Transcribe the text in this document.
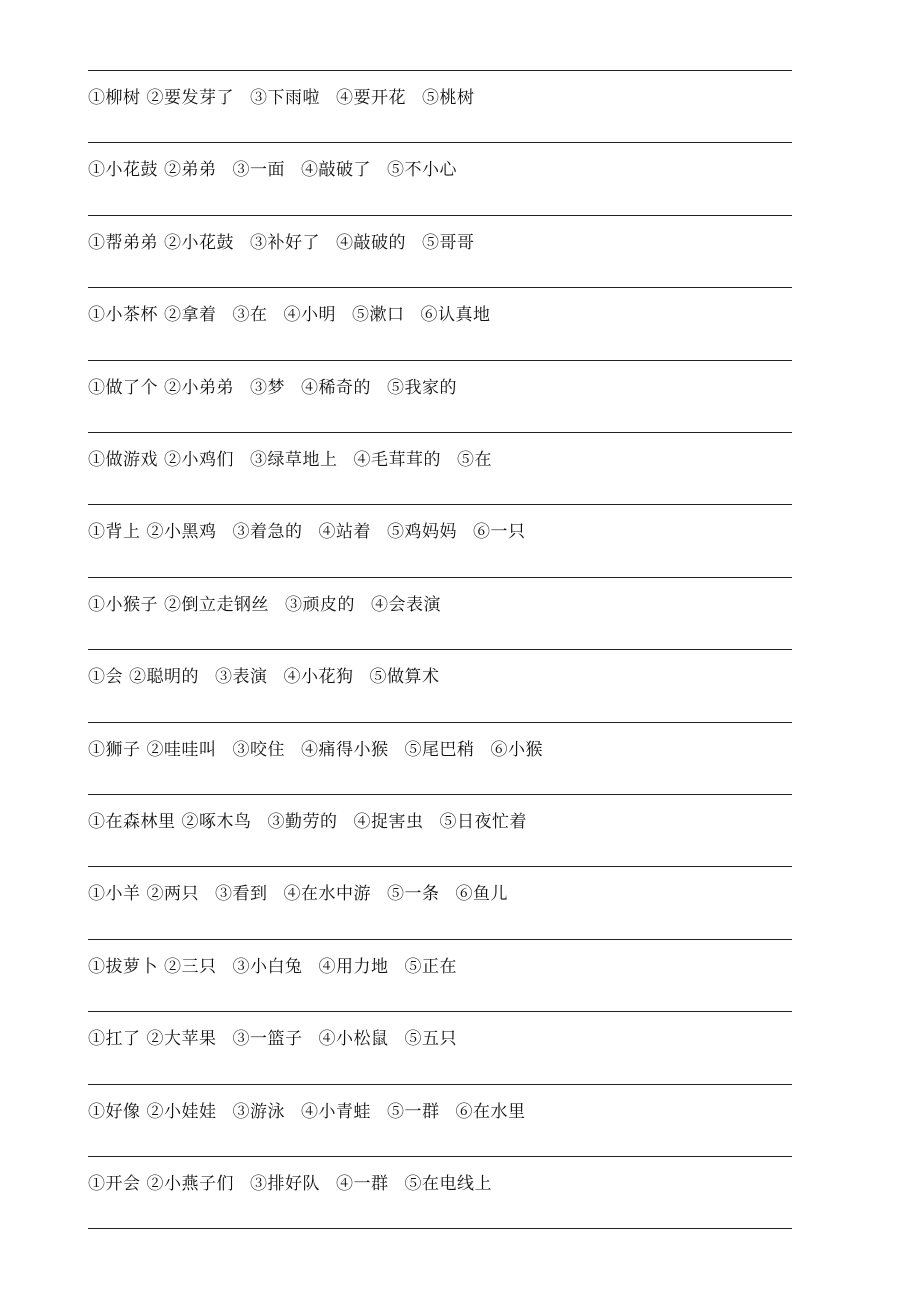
①柳树 ②要发芽了 ③下雨啦 ④要开花 ⑤桃树
①小花鼓 ②弟弟 ③一面 ④敲破了 ⑤不小心
①帮弟弟 ②小花鼓 ③补好了 ④敲破的 ⑤哥哥
①小茶杯 ②拿着 ③在 ④小明 ⑤漱口 ⑥认真地
①做了个 ②小弟弟 ③梦 ④稀奇的 ⑤我家的
①做游戏 ②小鸡们 ③绿草地上 ④毛茸茸的 ⑤在
①背上 ②小黑鸡 ③着急的 ④站着 ⑤鸡妈妈 ⑥一只
①小猴子 ②倒立走钢丝 ③顽皮的 ④会表演
①会 ②聪明的 ③表演 ④小花狗 ⑤做算术
①狮子 ②哇哇叫 ③咬住 ④痛得小猴 ⑤尾巴稍 ⑥小猴
①在森林里 ②啄木鸟 ③勤劳的 ④捉害虫 ⑤日夜忙着
①小羊 ②两只 ③看到 ④在水中游 ⑤一条 ⑥鱼儿
①拔萝卜 ②三只 ③小白兔 ④用力地 ⑤正在
①扛了 ②大苹果 ③一篮子 ④小松鼠 ⑤五只
①好像 ②小娃娃 ③游泳 ④小青蛙 ⑤一群 ⑥在水里
①开会 ②小燕子们 ③排好队 ④一群 ⑤在电线上
